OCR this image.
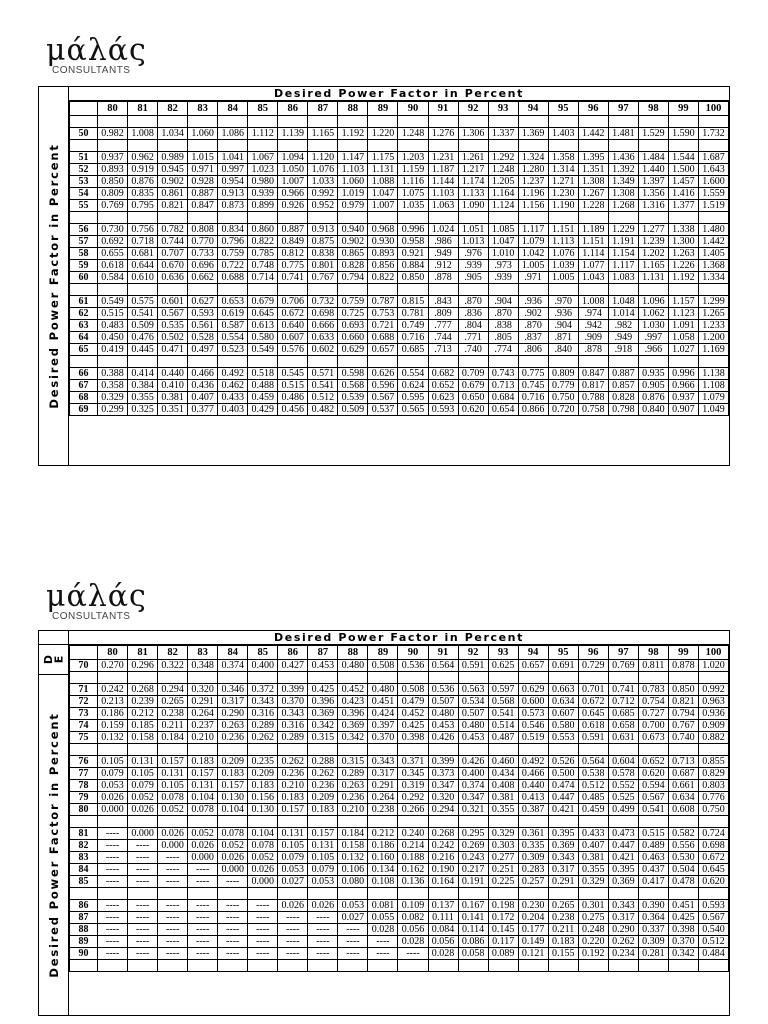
μάλάς
CONSULTANTS
Desired Power Factor in Percent
Desired Power Factor in Percent
	80	81	82	83	84	85	86	87	88	89	90	91	92	93	94	95	96	97	98	99	100

50	0.982	1.008	1.034	1.060	1.086	1.112	1.139	1.165	1.192	1.220	1.248	1.276	1.306	1.337	1.369	1.403	1.442	1.481	1.529	1.590	1.732

51	0.937	0.962	0.989	1.015	1.041	1.067	1.094	1.120	1.147	1.175	1.203	1.231	1.261	1.292	1.324	1.358	1.395	1.436	1.484	1.544	1.687
52	0.893	0.919	0.945	0.971	0.997	1.023	1.050	1.076	1.103	1.131	1.159	1.187	1.217	1.248	1.280	1.314	1.351	1.392	1.440	1.500	1.643
53	0.850	0.876	0.902	0.928	0.954	0.980	1.007	1.033	1.060	1.088	1.116	1.144	1.174	1.205	1.237	1.271	1.308	1.349	1.397	1.457	1.600
54	0.809	0.835	0.861	0.887	0.913	0.939	0.966	0.992	1.019	1.047	1.075	1.103	1.133	1.164	1.196	1.230	1.267	1.308	1.356	1.416	1.559
55	0.769	0.795	0.821	0.847	0.873	0.899	0.926	0.952	0.979	1.007	1.035	1.063	1.090	1.124	1.156	1.190	1.228	1.268	1.316	1.377	1.519

56	0.730	0.756	0.782	0.808	0.834	0.860	0.887	0.913	0.940	0.968	0.996	1.024	1.051	1.085	1.117	1.151	1.189	1.229	1.277	1.338	1.480
57	0.692	0.718	0.744	0.770	0.796	0.822	0.849	0.875	0.902	0.930	0.958	.986	1.013	1.047	1.079	1.113	1.151	1.191	1.239	1.300	1.442
58	0.655	0.681	0.707	0.733	0.759	0.785	0.812	0.838	0.865	0.893	0.921	.949	.976	1.010	1.042	1.076	1.114	1.154	1.202	1.263	1.405
59	0.618	0.644	0.670	0.696	0.722	0.748	0.775	0.801	0.828	0.856	0.884	.912	.939	.973	1.005	1.039	1.077	1.117	1.165	1.226	1.368
60	0.584	0.610	0.636	0.662	0.688	0.714	0.741	0.767	0.794	0.822	0.850	.878	.905	.939	.971	1.005	1.043	1.083	1.131	1.192	1.334

61	0.549	0.575	0.601	0.627	0.653	0.679	0.706	0.732	0.759	0.787	0.815	.843	.870	.904	.936	.970	1.008	1.048	1.096	1.157	1.299
62	0.515	0.541	0.567	0.593	0.619	0.645	0.672	0.698	0.725	0.753	0.781	.809	.836	.870	.902	.936	.974	1.014	1.062	1.123	1.265
63	0.483	0.509	0.535	0.561	0.587	0.613	0.640	0.666	0.693	0.721	0.749	.777	.804	.838	.870	.904	.942	.982	1.030	1.091	1.233
64	0.450	0.476	0.502	0.528	0.554	0.580	0.607	0.633	0.660	0.688	0.716	.744	.771	.805	.837	.871	.909	.949	.997	1.058	1.200
65	0.419	0.445	0.471	0.497	0.523	0.549	0.576	0.602	0.629	0.657	0.685	.713	.740	.774	.806	.840	.878	.918	.966	1.027	1.169

66	0.388	0.414	0.440	0.466	0.492	0.518	0.545	0.571	0.598	0.626	0.554	0.682	0.709	0.743	0.775	0.809	0.847	0.887	0.935	0.996	1.138
67	0.358	0.384	0.410	0.436	0.462	0.488	0.515	0.541	0.568	0.596	0.624	0.652	0.679	0.713	0.745	0.779	0.817	0.857	0.905	0.966	1.108
68	0.329	0.355	0.381	0.407	0.433	0.459	0.486	0.512	0.539	0.567	0.595	0.623	0.650	0.684	0.716	0.750	0.788	0.828	0.876	0.937	1.079
69	0.299	0.325	0.351	0.377	0.403	0.429	0.456	0.482	0.509	0.537	0.565	0.593	0.620	0.654	0.866	0.720	0.758	0.798	0.840	0.907	1.049
μάλάς
CONSULTANTS
D
E
Desired Power Factor in Percent
Desired Power Factor in Percent
	80	81	82	83	84	85	86	87	88	89	90	91	92	93	94	95	96	97	98	99	100
70	0.270	0.296	0.322	0.348	0.374	0.400	0.427	0.453	0.480	0.508	0.536	0.564	0.591	0.625	0.657	0.691	0.729	0.769	0.811	0.878	1.020

71	0.242	0.268	0.294	0.320	0.346	0.372	0.399	0.425	0.452	0.480	0.508	0.536	0.563	0.597	0.629	0.663	0.701	0.741	0.783	0.850	0.992
72	0.213	0.239	0.265	0.291	0.317	0.343	0.370	0.396	0.423	0.451	0.479	0.507	0.534	0.568	0.600	0.634	0.672	0.712	0.754	0.821	0.963
73	0.186	0.212	0.238	0.264	0.290	0.316	0.343	0.369	0.396	0.424	0.452	0.480	0.507	0.541	0.573	0.607	0.645	0.685	0.727	0.794	0.936
74	0.159	0.185	0.211	0.237	0.263	0.289	0.316	0.342	0.369	0.397	0.425	0.453	0.480	0.514	0.546	0.580	0.618	0.658	0.700	0.767	0.909
75	0.132	0.158	0.184	0.210	0.236	0.262	0.289	0.315	0.342	0.370	0.398	0.426	0.453	0.487	0.519	0.553	0.591	0.631	0.673	0.740	0.882

76	0.105	0.131	0.157	0.183	0.209	0.235	0.262	0.288	0.315	0.343	0.371	0.399	0.426	0.460	0.492	0.526	0.564	0.604	0.652	0.713	0.855
77	0.079	0.105	0.131	0.157	0.183	0.209	0.236	0.262	0.289	0.317	0.345	0.373	0.400	0.434	0.466	0.500	0.538	0.578	0.620	0.687	0.829
78	0.053	0.079	0.105	0.131	0.157	0.183	0.210	0.236	0.263	0.291	0.319	0.347	0.374	0.408	0.440	0.474	0.512	0.552	0.594	0.661	0.803
79	0.026	0.052	0.078	0.104	0.130	0.156	0.183	0.209	0.236	0.264	0.292	0.320	0.347	0.381	0.413	0.447	0.485	0.525	0.567	0.634	0.776
80	0.000	0.026	0.052	0.078	0.104	0.130	0.157	0.183	0.210	0.238	0.266	0.294	0.321	0.355	0.387	0.421	0.459	0.499	0.541	0.608	0.750

81	----	0.000	0.026	0.052	0.078	0.104	0.131	0.157	0.184	0.212	0.240	0.268	0.295	0.329	0.361	0.395	0.433	0.473	0.515	0.582	0.724
82	----	----	0.000	0.026	0.052	0.078	0.105	0.131	0.158	0.186	0.214	0.242	0.269	0.303	0.335	0.369	0.407	0.447	0.489	0.556	0.698
83	----	----	----	0.000	0.026	0.052	0.079	0.105	0.132	0.160	0.188	0.216	0.243	0.277	0.309	0.343	0.381	0.421	0.463	0.530	0.672
84	----	----	----	----	0.000	0.026	0.053	0.079	0.106	0.134	0.162	0.190	0.217	0.251	0.283	0.317	0.355	0.395	0.437	0.504	0.645
85	----	----	----	----	----	0.000	0.027	0.053	0.080	0.108	0.136	0.164	0.191	0.225	0.257	0.291	0.329	0.369	0.417	0.478	0.620

86	----	----	----	----	----	----	0.026	0.026	0.053	0.081	0.109	0.137	0.167	0.198	0.230	0.265	0.301	0.343	0.390	0.451	0.593
87	----	----	----	----	----	----	----	----	0.027	0.055	0.082	0.111	0.141	0.172	0.204	0.238	0.275	0.317	0.364	0.425	0.567
88	----	----	----	----	----	----	----	----	----	0.028	0.056	0.084	0.114	0.145	0.177	0.211	0.248	0.290	0.337	0.398	0.540
89	----	----	----	----	----	----	----	----	----	----	0.028	0.056	0.086	0.117	0.149	0.183	0.220	0.262	0.309	0.370	0.512
90	----	----	----	----	----	----	----	----	----	----	----	0.028	0.058	0.089	0.121	0.155	0.192	0.234	0.281	0.342	0.484
